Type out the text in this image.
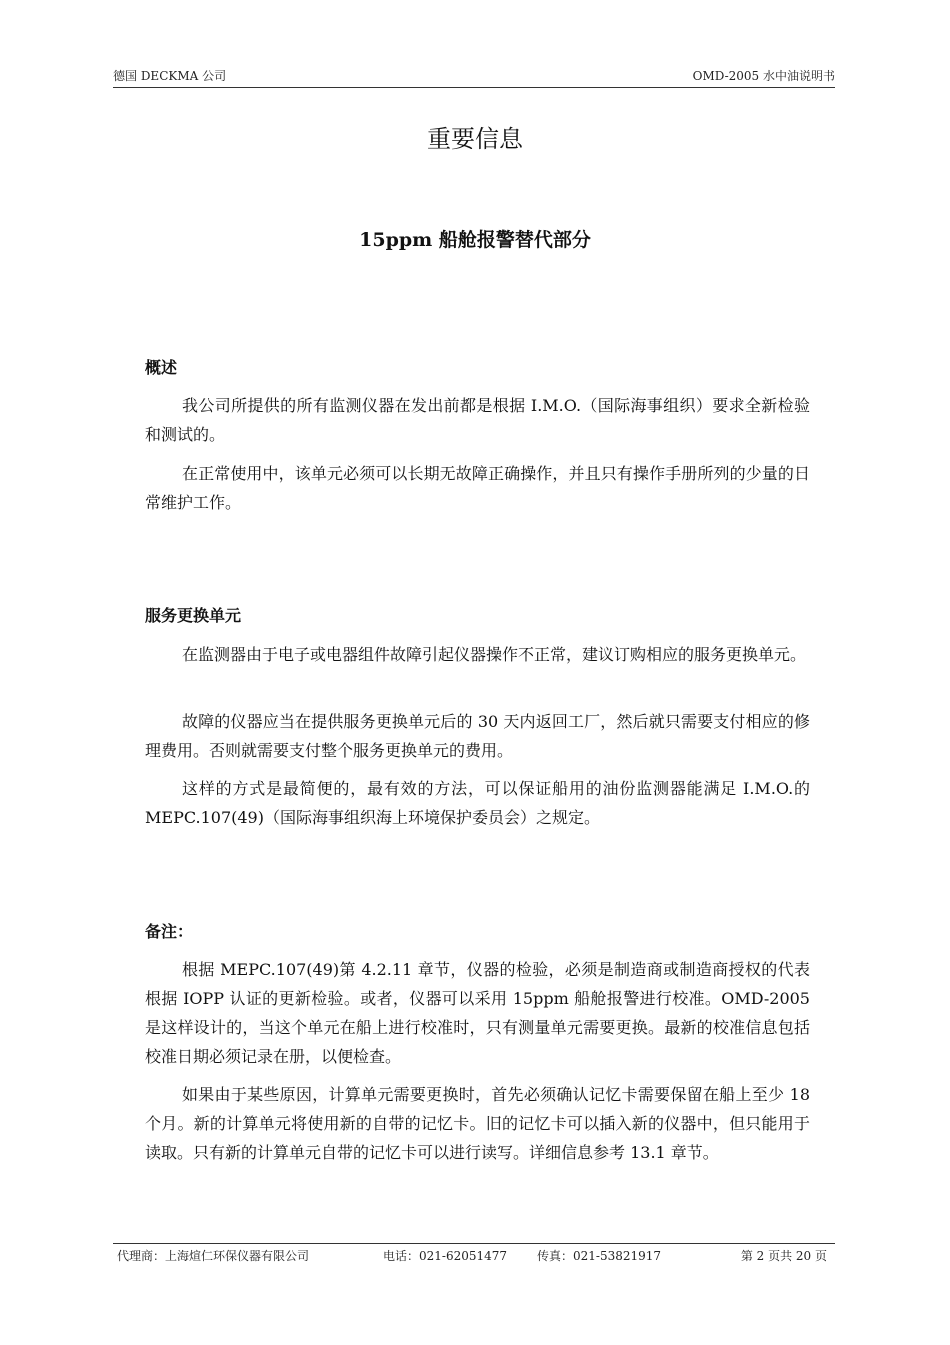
德国 DECKMA 公司	OMD-2005 水中油说明书
重要信息
15ppm 船舱报警替代部分
概述

我公司所提供的所有监测仪器在发出前都是根据 I.M.O.（国际海事组织）要求全新检验和测试的。

在正常使用中，该单元必须可以长期无故障正确操作，并且只有操作手册所列的少量的日常维护工作。

服务更换单元

在监测器由于电子或电器组件故障引起仪器操作不正常，建议订购相应的服务更换单元。

故障的仪器应当在提供服务更换单元后的 30 天内返回工厂，然后就只需要支付相应的修理费用。否则就需要支付整个服务更换单元的费用。

这样的方式是最简便的，最有效的方法，可以保证船用的油份监测器能满足 I.M.O.的 MEPC.107(49)（国际海事组织海上环境保护委员会）之规定。

备注：

根据 MEPC.107(49)第 4.2.11 章节，仪器的检验，必须是制造商或制造商授权的代表根据 IOPP 认证的更新检验。或者，仪器可以采用 15ppm 船舱报警进行校准。OMD-2005 是这样设计的，当这个单元在船上进行校准时，只有测量单元需要更换。最新的校准信息包括校准日期必须记录在册，以便检查。

如果由于某些原因，计算单元需要更换时，首先必须确认记忆卡需要保留在船上至少 18 个月。新的计算单元将使用新的自带的记忆卡。旧的记忆卡可以插入新的仪器中，但只能用于读取。只有新的计算单元自带的记忆卡可以进行读写。详细信息参考 13.1 章节。

代理商：上海煊仁环保仪器有限公司	电话：021-62051477 传真：021-53821917	第 2 页共 20 页
